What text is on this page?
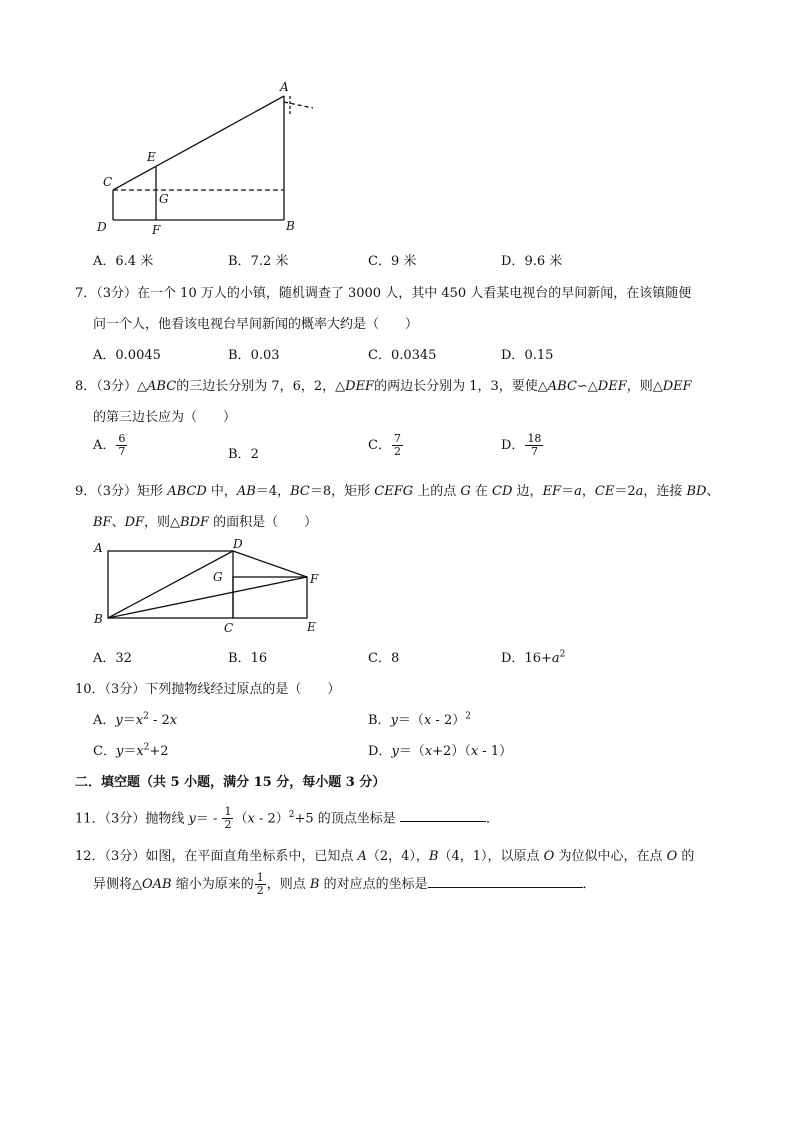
A
E
C
G
D	F	B
A．6.4 米	B．7.2 米	C．9 米	D．9.6 米
7．（3分）在一个 10 万人的小镇，随机调查了 3000 人，其中 450 人看某电视台的早间新闻，在该镇随便
问一个人，他看该电视台早间新闻的概率大约是（　　）
A．0.0045	B．0.03	C．0.0345	D．0.15
8．（3分）△ABC的三边长分别为 7，6，2，△DEF的两边长分别为 1，3，要使△ABC∽△DEF，则△DEF
的第三边长应为（　　）
A． $\frac{6}{7}$	B．2
C． $\frac{7}{2}$	D． $\frac{18}{7}$
9．（3分）矩形 ABCD 中，AB＝4，BC＝8，矩形 CEFG 上的点 G 在 CD 边，EF＝a，CE＝2a，连接 BD、
BF、DF，则△BDF 的面积是（　　）
A	D
G	F
B
C	E
A．32	B．16	C．8	D．$16+a^2$
10．（3分）下列抛物线经过原点的是（　　）
A．$y=x^2 - 2x$	B．y＝（x - 2）$^2$
C．$y=x^2+2$	D．y＝（x+2）（x - 1）
二．填空题（共 5 小题，满分 15 分，每小题 3 分）
11．（3分）抛物线 $y= - \frac{1}{2} (x - 2)^2+5$ 的顶点坐标是	．
12．（3分）如图，在平面直角坐标系中，已知点 A（2，4），B（4，1），以原点 O 为位似中心，在点 O 的
异侧将△OAB 缩小为原来的 $\frac{1}{2}$ ，则点 B 的对应点的坐标是	．
